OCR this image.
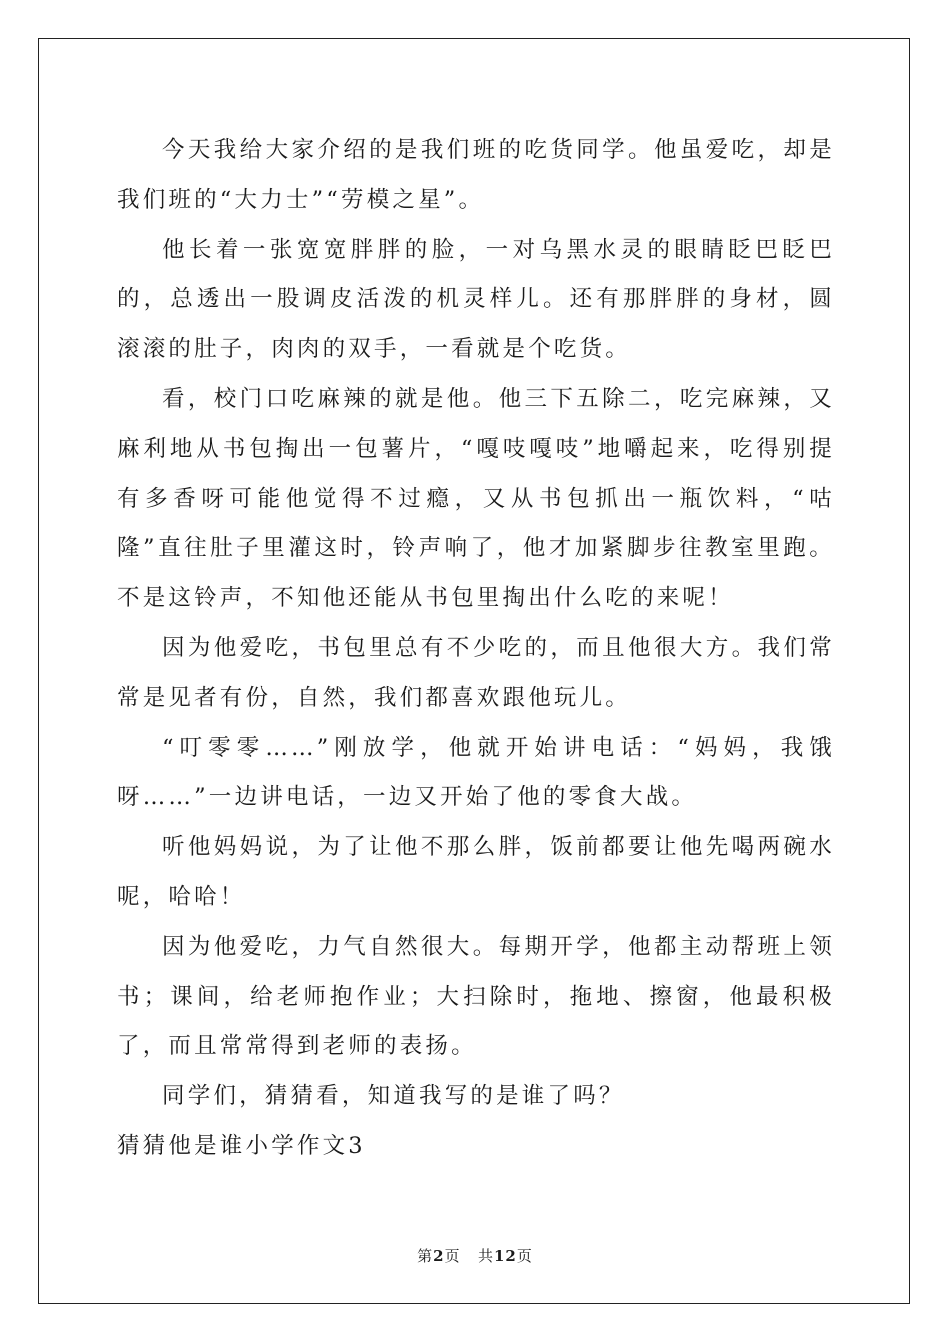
今天我给大家介绍的是我们班的吃货同学。他虽爱吃，却是我们班的“大力士”“劳模之星”。

他长着一张宽宽胖胖的脸，一对乌黑水灵的眼睛眨巴眨巴的，总透出一股调皮活泼的机灵样儿。还有那胖胖的身材，圆滚滚的肚子，肉肉的双手，一看就是个吃货。

看，校门口吃麻辣的就是他。他三下五除二，吃完麻辣，又麻利地从书包掏出一包薯片，“嘎吱嘎吱”地嚼起来，吃得别提有多香呀可能他觉得不过瘾，又从书包抓出一瓶饮料，“咕隆”直往肚子里灌这时，铃声响了，他才加紧脚步往教室里跑。不是这铃声，不知他还能从书包里掏出什么吃的来呢！

因为他爱吃，书包里总有不少吃的，而且他很大方。我们常常是见者有份，自然，我们都喜欢跟他玩儿。

“叮零零……”刚放学，他就开始讲电话：“妈妈，我饿呀……”一边讲电话，一边又开始了他的零食大战。

听他妈妈说，为了让他不那么胖，饭前都要让他先喝两碗水呢，哈哈！

因为他爱吃，力气自然很大。每期开学，他都主动帮班上领书；课间，给老师抱作业；大扫除时，拖地、擦窗，他最积极了，而且常常得到老师的表扬。

同学们，猜猜看，知道我写的是谁了吗？

猜猜他是谁小学作文3

第2页 共12页
